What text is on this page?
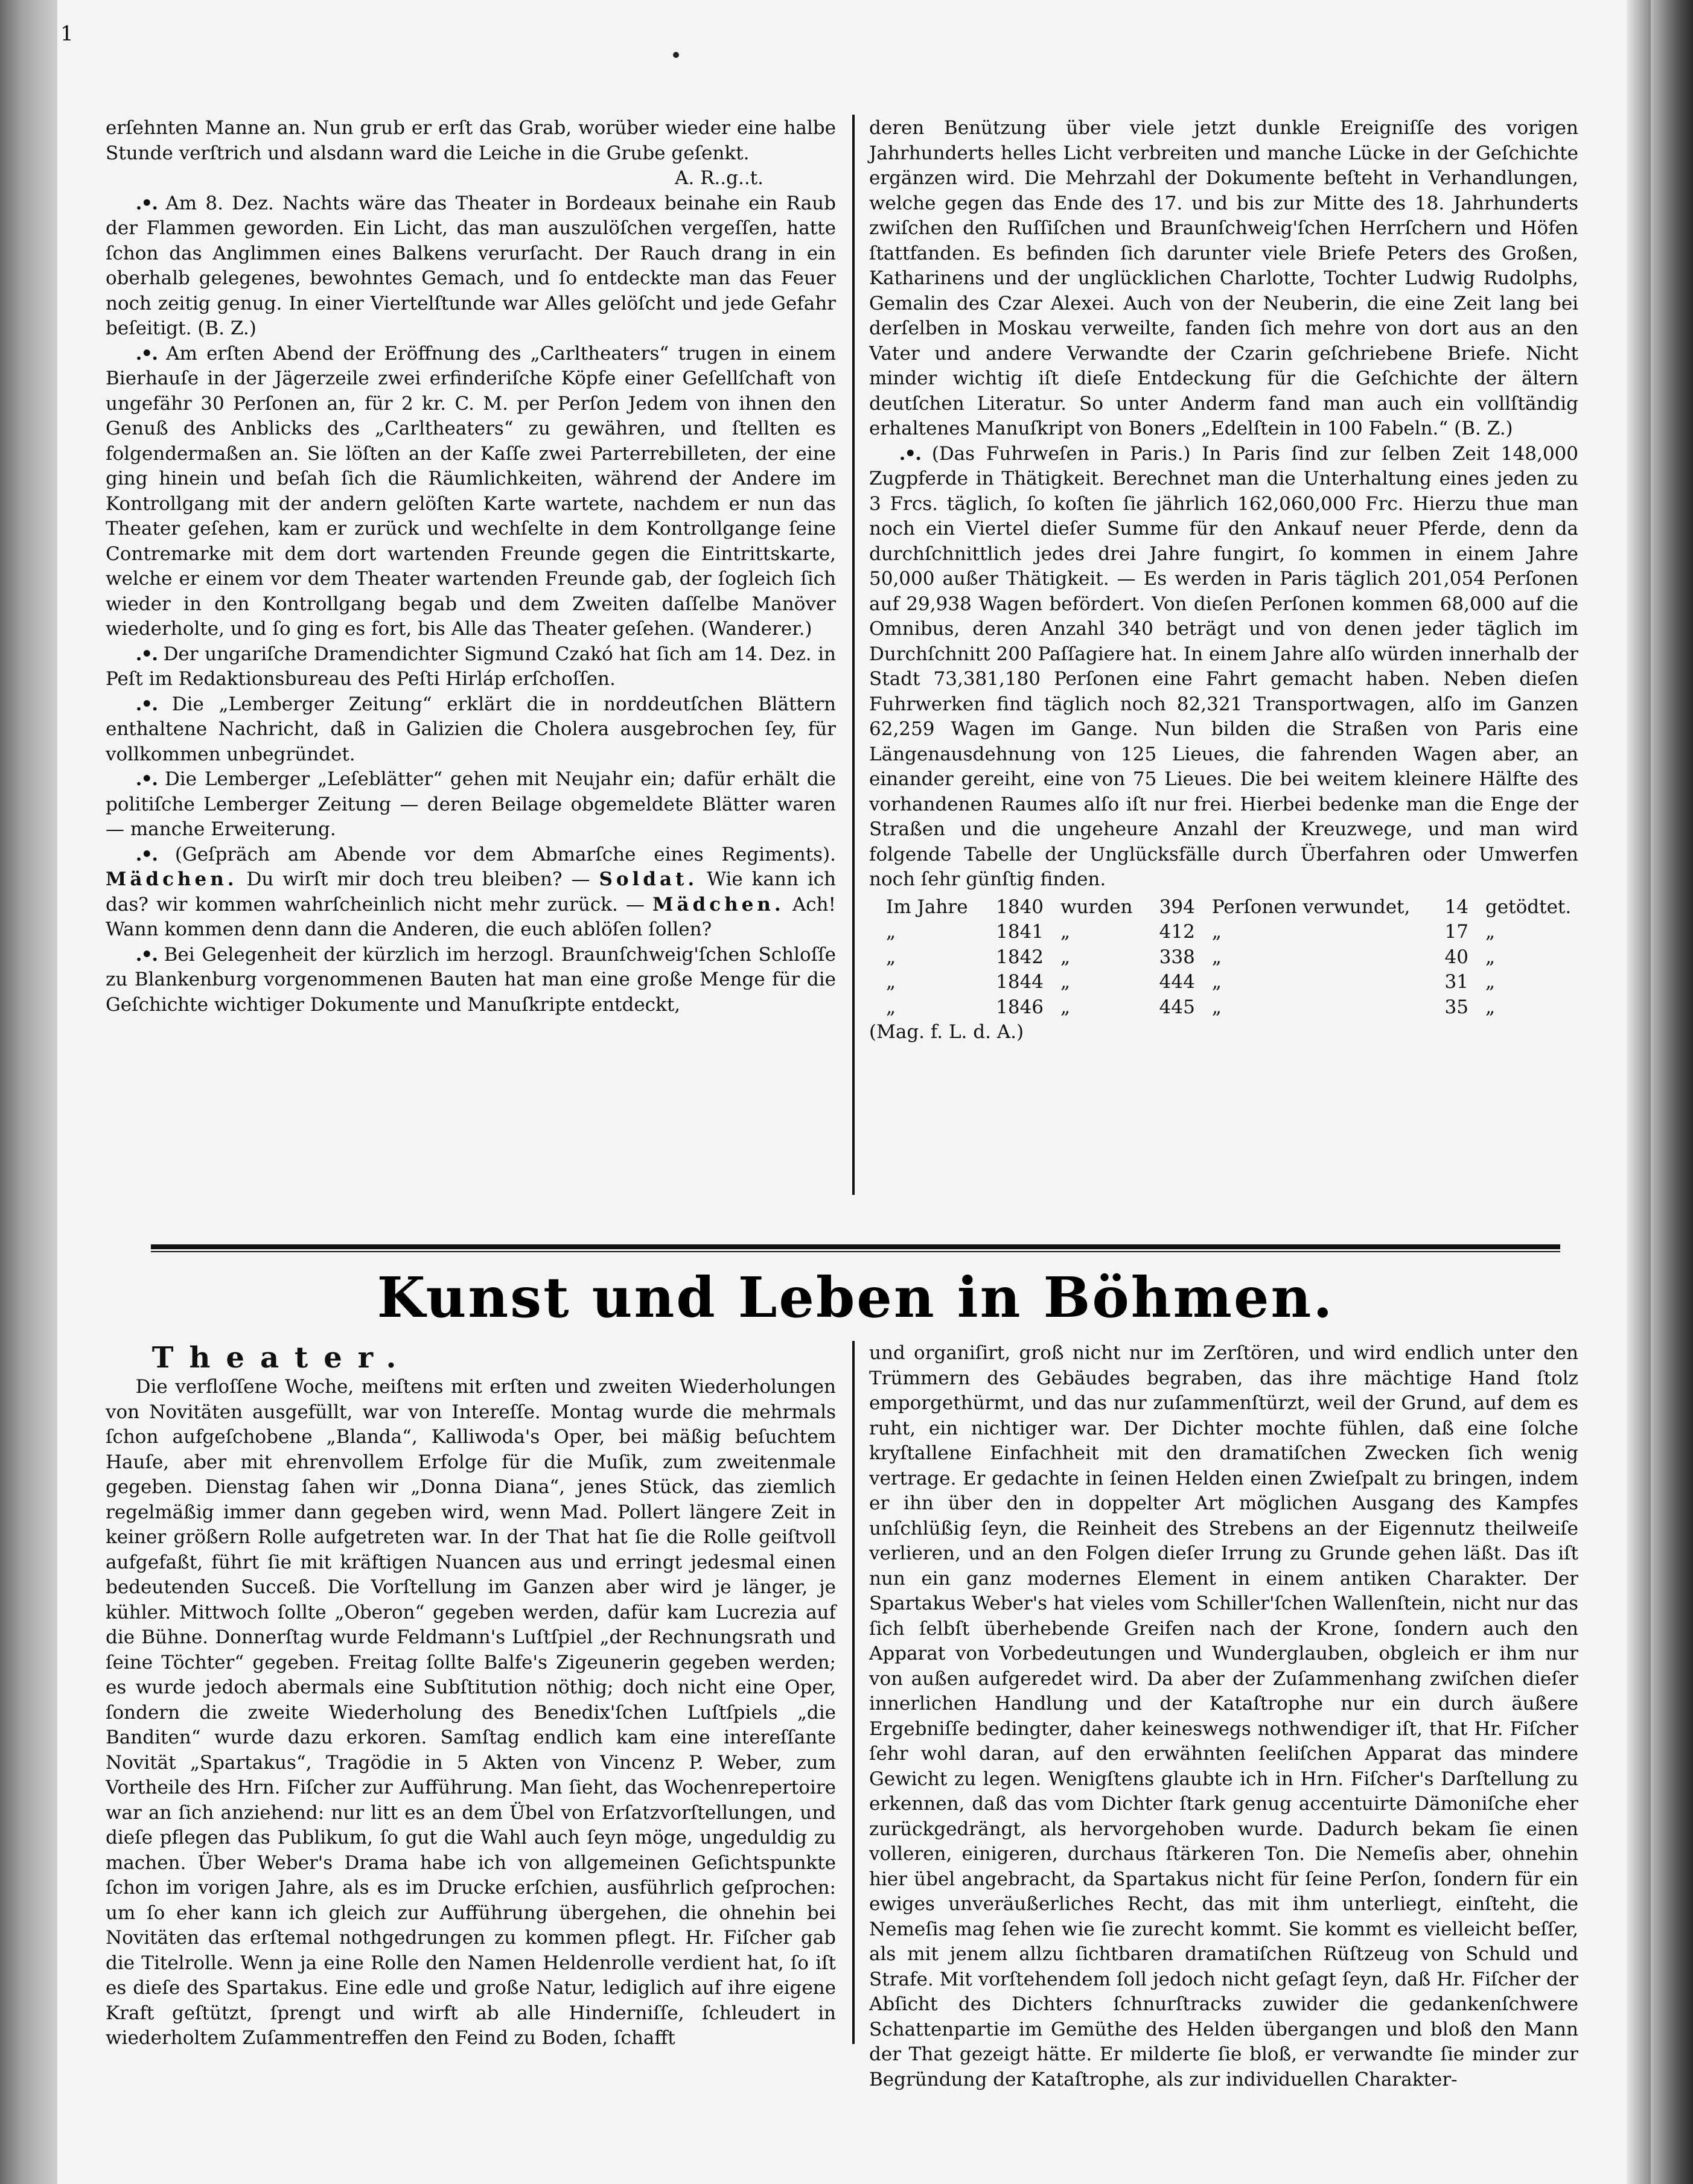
1

erſehnten Manne an. Nun grub er erſt das Grab, worüber wieder eine halbe Stunde verſtrich und alsdann ward die Leiche in die Grube geſenkt.
A. R..g..t.

.•. Am 8. Dez. Nachts wäre das Theater in Bordeaux beinahe ein Raub der Flammen geworden. Ein Licht, das man auszulöſchen vergeſſen, hatte ſchon das Anglimmen eines Balkens verurſacht. Der Rauch drang in ein oberhalb gelegenes, bewohntes Gemach, und ſo entdeckte man das Feuer noch zeitig genug. In einer Viertelſtunde war Alles gelöſcht und jede Gefahr beſeitigt. (B. Z.)

.•. Am erſten Abend der Eröffnung des „Carltheaters“ trugen in einem Bierhauſe in der Jägerzeile zwei erfinderiſche Köpfe einer Geſellſchaft von ungefähr 30 Perſonen an, für 2 kr. C. M. per Perſon Jedem von ihnen den Genuß des Anblicks des „Carltheaters“ zu gewähren, und ſtellten es folgendermaßen an. Sie löſten an der Kaſſe zwei Parterrebilleten, der eine ging hinein und beſah ſich die Räumlichkeiten, während der Andere im Kontrollgang mit der andern gelöſten Karte wartete, nachdem er nun das Theater geſehen, kam er zurück und wechſelte in dem Kontrollgange ſeine Contremarke mit dem dort wartenden Freunde gegen die Eintrittskarte, welche er einem vor dem Theater wartenden Freunde gab, der ſogleich ſich wieder in den Kontrollgang begab und dem Zweiten daſſelbe Manöver wiederholte, und ſo ging es fort, bis Alle das Theater geſehen. (Wanderer.)

.•. Der ungariſche Dramendichter Sigmund Czakó hat ſich am 14. Dez. in Peſt im Redaktionsbureau des Peſti Hirláp erſchoſſen.

.•. Die „Lemberger Zeitung“ erklärt die in norddeutſchen Blättern enthaltene Nachricht, daß in Galizien die Cholera ausgebrochen ſey, für vollkommen unbegründet.

.•. Die Lemberger „Leſeblätter“ gehen mit Neujahr ein; dafür erhält die politiſche Lemberger Zeitung — deren Beilage obgemeldete Blätter waren — manche Erweiterung.

.•. (Geſpräch am Abende vor dem Abmarſche eines Regiments). Mädchen. Du wirſt mir doch treu bleiben? — Soldat. Wie kann ich das? wir kommen wahrſcheinlich nicht mehr zurück. — Mädchen. Ach! Wann kommen denn dann die Anderen, die euch ablöſen ſollen?

.•. Bei Gelegenheit der kürzlich im herzogl. Braunſchweig'ſchen Schloſſe zu Blankenburg vorgenommenen Bauten hat man eine große Menge für die Geſchichte wichtiger Dokumente und Manuſkripte entdeckt,

deren Benützung über viele jetzt dunkle Ereigniſſe des vorigen Jahrhunderts helles Licht verbreiten und manche Lücke in der Geſchichte ergänzen wird. Die Mehrzahl der Dokumente beſteht in Verhandlungen, welche gegen das Ende des 17. und bis zur Mitte des 18. Jahrhunderts zwiſchen den Ruſſiſchen und Braunſchweig'ſchen Herrſchern und Höfen ſtattfanden. Es befinden ſich darunter viele Briefe Peters des Großen, Katharinens und der unglücklichen Charlotte, Tochter Ludwig Rudolphs, Gemalin des Czar Alexei. Auch von der Neuberin, die eine Zeit lang bei derſelben in Moskau verweilte, fanden ſich mehre von dort aus an den Vater und andere Verwandte der Czarin geſchriebene Briefe. Nicht minder wichtig iſt dieſe Entdeckung für die Geſchichte der ältern deutſchen Literatur. So unter Anderm fand man auch ein vollſtändig erhaltenes Manuſkript von Boners „Edelſtein in 100 Fabeln.“ (B. Z.)

.•. (Das Fuhrweſen in Paris.) In Paris ſind zur ſelben Zeit 148,000 Zugpferde in Thätigkeit. Berechnet man die Unterhaltung eines jeden zu 3 Frcs. täglich, ſo koſten ſie jährlich 162,060,000 Frc. Hierzu thue man noch ein Viertel dieſer Summe für den Ankauf neuer Pferde, denn da durchſchnittlich jedes drei Jahre fungirt, ſo kommen in einem Jahre 50,000 außer Thätigkeit. — Es werden in Paris täglich 201,054 Perſonen auf 29,938 Wagen befördert. Von dieſen Perſonen kommen 68,000 auf die Omnibus, deren Anzahl 340 beträgt und von denen jeder täglich im Durchſchnitt 200 Paſſagiere hat. In einem Jahre alſo würden innerhalb der Stadt 73,381,180 Perſonen eine Fahrt gemacht haben. Neben dieſen Fuhrwerken find täglich noch 82,321 Transportwagen, alſo im Ganzen 62,259 Wagen im Gange. Nun bilden die Straßen von Paris eine Längenausdehnung von 125 Lieues, die fahrenden Wagen aber, an einander gereiht, eine von 75 Lieues. Die bei weitem kleinere Hälfte des vorhandenen Raumes alſo iſt nur frei. Hierbei bedenke man die Enge der Straßen und die ungeheure Anzahl der Kreuzwege, und man wird folgende Tabelle der Unglücksfälle durch Überfahren oder Umwerfen noch ſehr günſtig finden.

Im Jahre	1840	wurden	394	Perſonen verwundet,	14	getödtet.
„	1841	„	412	„	17	„
„	1842	„	338	„	40	„
„	1844	„	444	„	31	„
„	1846	„	445	„	35	„

(Mag. f. L. d. A.)

Kunst und Leben in Böhmen.

Theater.

Die verfloſſene Woche, meiſtens mit erſten und zweiten Wiederholungen von Novitäten ausgefüllt, war von Intereſſe. Montag wurde die mehrmals ſchon aufgeſchobene „Blanda“, Kalliwoda's Oper, bei mäßig beſuchtem Hauſe, aber mit ehrenvollem Erfolge für die Muſik, zum zweitenmale gegeben. Dienstag ſahen wir „Donna Diana“, jenes Stück, das ziemlich regelmäßig immer dann gegeben wird, wenn Mad. Pollert längere Zeit in keiner größern Rolle aufgetreten war. In der That hat ſie die Rolle geiſtvoll aufgefaßt, führt ſie mit kräftigen Nuancen aus und erringt jedesmal einen bedeutenden Succeß. Die Vorſtellung im Ganzen aber wird je länger, je kühler. Mittwoch ſollte „Oberon“ gegeben werden, dafür kam Lucrezia auf die Bühne. Donnerſtag wurde Feldmann's Luſtſpiel „der Rechnungsrath und ſeine Töchter“ gegeben. Freitag ſollte Balfe's Zigeunerin gegeben werden; es wurde jedoch abermals eine Subſtitution nöthig; doch nicht eine Oper, ſondern die zweite Wiederholung des Benedix'ſchen Luſtſpiels „die Banditen“ wurde dazu erkoren. Samſtag endlich kam eine intereſſante Novität „Spartakus“, Tragödie in 5 Akten von Vincenz P. Weber, zum Vortheile des Hrn. Fiſcher zur Aufführung. Man ſieht, das Wochenrepertoire war an ſich anziehend: nur litt es an dem Übel von Erſatzvorſtellungen, und dieſe pflegen das Publikum, ſo gut die Wahl auch ſeyn möge, ungeduldig zu machen. Über Weber's Drama habe ich von allgemeinen Geſichtspunkte ſchon im vorigen Jahre, als es im Drucke erſchien, ausführlich geſprochen: um ſo eher kann ich gleich zur Aufführung übergehen, die ohnehin bei Novitäten das erſtemal nothgedrungen zu kommen pflegt. Hr. Fiſcher gab die Titelrolle. Wenn ja eine Rolle den Namen Heldenrolle verdient hat, ſo iſt es dieſe des Spartakus. Eine edle und große Natur, lediglich auf ihre eigene Kraft geſtützt, ſprengt und wirft ab alle Hinderniſſe, ſchleudert in wiederholtem Zuſammentreffen den Feind zu Boden, ſchafft

und organiſirt, groß nicht nur im Zerſtören, und wird endlich unter den Trümmern des Gebäudes begraben, das ihre mächtige Hand ſtolz emporgethürmt, und das nur zuſammenſtürzt, weil der Grund, auf dem es ruht, ein nichtiger war. Der Dichter mochte fühlen, daß eine ſolche kryſtallene Einfachheit mit den dramatiſchen Zwecken ſich wenig vertrage. Er gedachte in ſeinen Helden einen Zwieſpalt zu bringen, indem er ihn über den in doppelter Art möglichen Ausgang des Kampfes unſchlüßig ſeyn, die Reinheit des Strebens an der Eigennutz theilweiſe verlieren, und an den Folgen dieſer Irrung zu Grunde gehen läßt. Das iſt nun ein ganz modernes Element in einem antiken Charakter. Der Spartakus Weber's hat vieles vom Schiller'ſchen Wallenſtein, nicht nur das ſich ſelbſt überhebende Greifen nach der Krone, ſondern auch den Apparat von Vorbedeutungen und Wunderglauben, obgleich er ihm nur von außen aufgeredet wird. Da aber der Zuſammenhang zwiſchen dieſer innerlichen Handlung und der Kataſtrophe nur ein durch äußere Ergebniſſe bedingter, daher keineswegs nothwendiger iſt, that Hr. Fiſcher ſehr wohl daran, auf den erwähnten ſeeliſchen Apparat das mindere Gewicht zu legen. Wenigſtens glaubte ich in Hrn. Fiſcher's Darſtellung zu erkennen, daß das vom Dichter ſtark genug accentuirte Dämoniſche eher zurückgedrängt, als hervorgehoben wurde. Dadurch bekam ſie einen volleren, einigeren, durchaus ſtärkeren Ton. Die Nemeſis aber, ohnehin hier übel angebracht, da Spartakus nicht für ſeine Perſon, ſondern für ein ewiges unveräußerliches Recht, das mit ihm unterliegt, einſteht, die Nemeſis mag ſehen wie ſie zurecht kommt. Sie kommt es vielleicht beſſer, als mit jenem allzu ſichtbaren dramatiſchen Rüſtzeug von Schuld und Strafe. Mit vorſtehendem ſoll jedoch nicht geſagt ſeyn, daß Hr. Fiſcher der Abſicht des Dichters ſchnurſtracks zuwider die gedankenſchwere Schattenpartie im Gemüthe des Helden übergangen und bloß den Mann der That gezeigt hätte. Er milderte ſie bloß, er verwandte ſie minder zur Begründung der Kataſtrophe, als zur individuellen Charakter-
